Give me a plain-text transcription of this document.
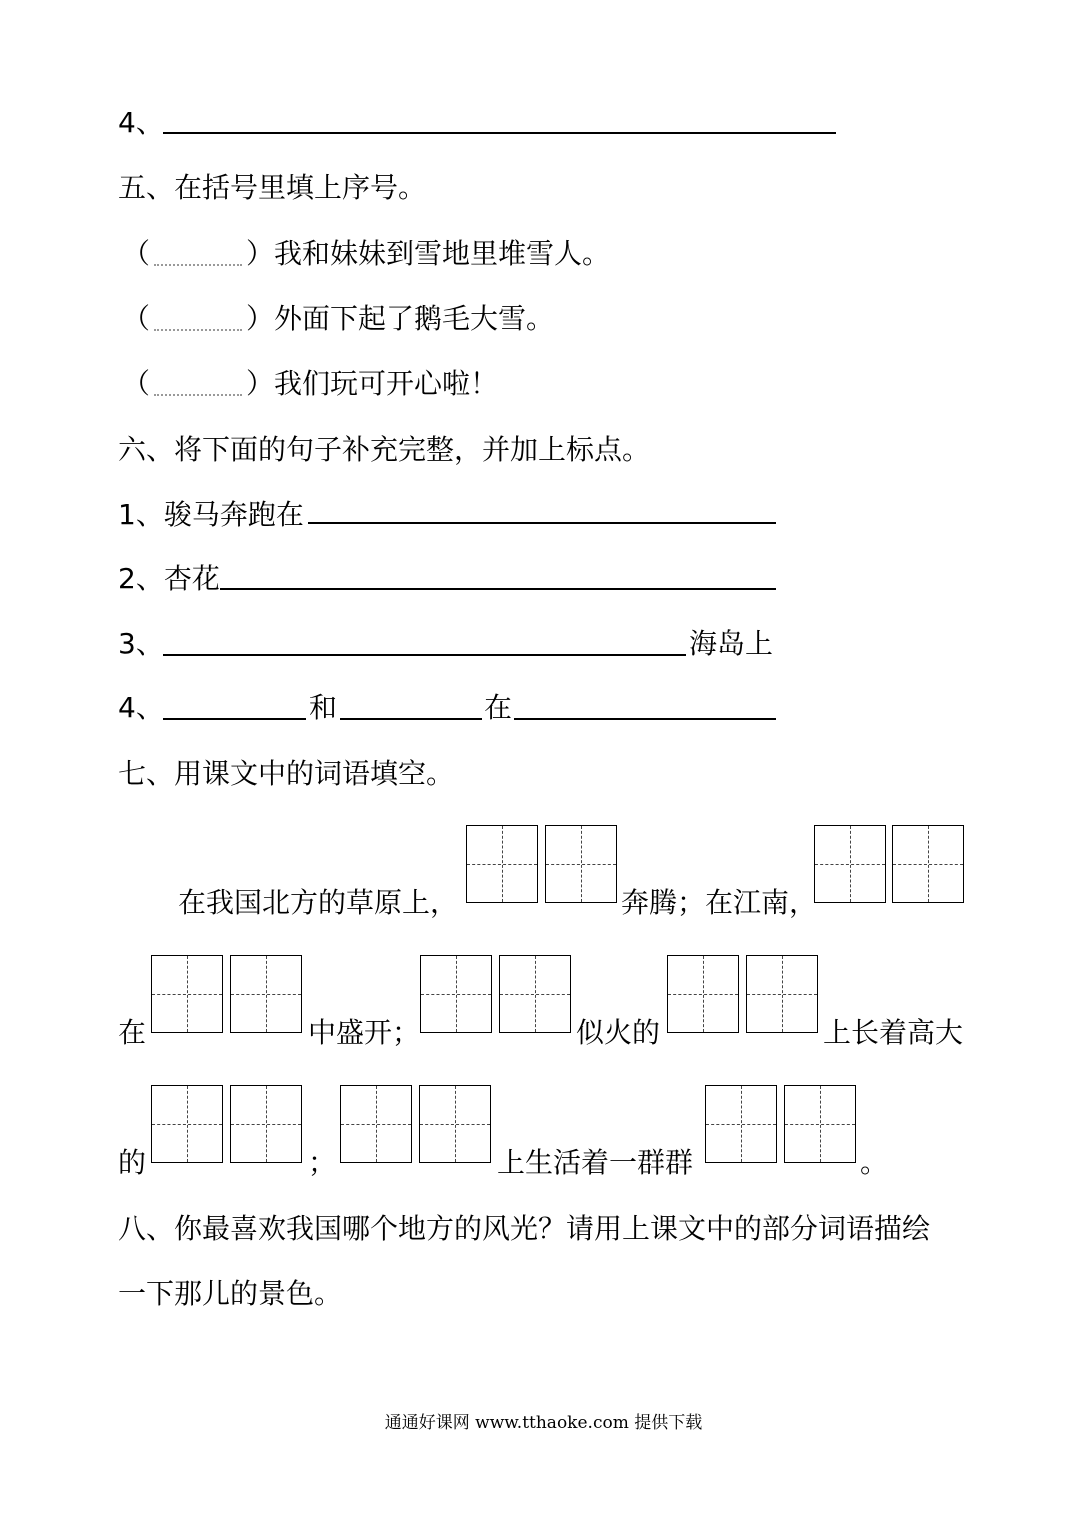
4、
五、在括号里填上序号。
（	）我和妹妹到雪地里堆雪人。
（	）外面下起了鹅毛大雪。
（	）我们玩可开心啦！
六、将下面的句子补充完整，并加上标点。
1、骏马奔跑在
2、杏花
3、	海岛上
4、	和	在
七、用课文中的词语填空。
在我国北方的草原上，	奔腾；在江南，
在	中盛开；	似火的	上长着高大
的	；	上生活着一群群	。
八、你最喜欢我国哪个地方的风光？请用上课文中的部分词语描绘
一下那儿的景色。
通通好课网 www.tthaoke.com 提供下载
